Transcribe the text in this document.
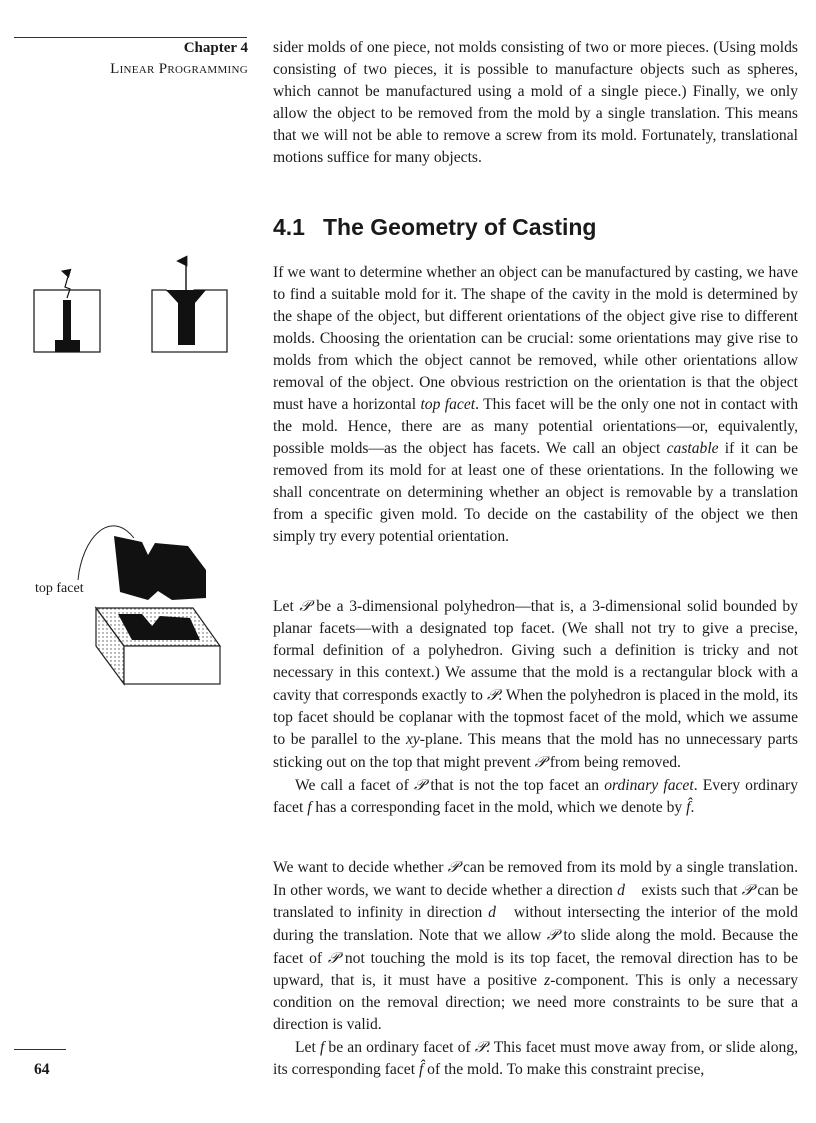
Chapter 4
Linear Programming

sider molds of one piece, not molds consisting of two or more pieces. (Using molds consisting of two pieces, it is possible to manufacture objects such as spheres, which cannot be manufactured using a mold of a single piece.) Finally, we only allow the object to be removed from the mold by a single translation. This means that we will not be able to remove a screw from its mold. Fortunately, translational motions suffice for many objects.

4.1 The Geometry of Casting

If we want to determine whether an object can be manufactured by casting, we have to find a suitable mold for it. The shape of the cavity in the mold is determined by the shape of the object, but different orientations of the object give rise to different molds. Choosing the orientation can be crucial: some orientations may give rise to molds from which the object cannot be removed, while other orientations allow removal of the object. One obvious restriction on the orientation is that the object must have a horizontal top facet. This facet will be the only one not in contact with the mold. Hence, there are as many potential orientations—or, equivalently, possible molds—as the object has facets. We call an object castable if it can be removed from its mold for at least one of these orientations. In the following we shall concentrate on determining whether an object is removable by a translation from a specific given mold. To decide on the castability of the object we then simply try every potential orientation.

Let 𝒫 be a 3-dimensional polyhedron—that is, a 3-dimensional solid bounded by planar facets—with a designated top facet. (We shall not try to give a precise, formal definition of a polyhedron. Giving such a definition is tricky and not necessary in this context.) We assume that the mold is a rectangular block with a cavity that corresponds exactly to 𝒫. When the polyhedron is placed in the mold, its top facet should be coplanar with the topmost facet of the mold, which we assume to be parallel to the xy-plane. This means that the mold has no unnecessary parts sticking out on the top that might prevent 𝒫 from being removed.

We call a facet of 𝒫 that is not the top facet an ordinary facet. Every ordinary facet f has a corresponding facet in the mold, which we denote by f̂.

We want to decide whether 𝒫 can be removed from its mold by a single translation. In other words, we want to decide whether a direction d⃗ exists such that 𝒫 can be translated to infinity in direction d⃗ without intersecting the interior of the mold during the translation. Note that we allow 𝒫 to slide along the mold. Because the facet of 𝒫 not touching the mold is its top facet, the removal direction has to be upward, that is, it must have a positive z-component. This is only a necessary condition on the removal direction; we need more constraints to be sure that a direction is valid.

Let f be an ordinary facet of 𝒫. This facet must move away from, or slide along, its corresponding facet f̂ of the mold. To make this constraint precise,

top facet
64
